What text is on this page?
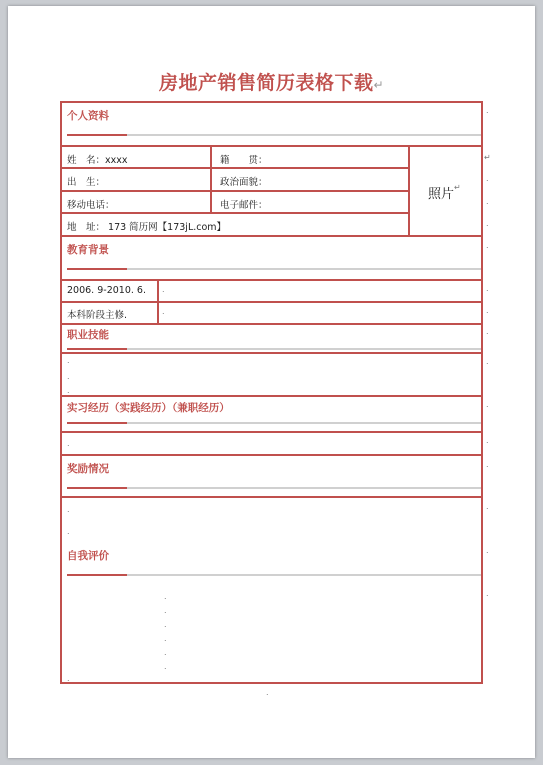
房地产销售简历表格下载↵
个人资料
姓　名：xxxx	籍　　贯：
出　生：	政治面貌：
移动电话：	电子邮件：
地　址： 173 简历网【173jL.com】
照片 ↵
教育背景
2006. 9-2010. 6.
本科阶段主修.
职业技能
实习经历（实践经历）（兼职经历）
奖励情况
自我评价
.
↵
.
.
.
.
.
.
.
.
.
.
.
.
.
.
.
.
.
.
.
.
.
.
.
.
.
.
.
.
.
.
